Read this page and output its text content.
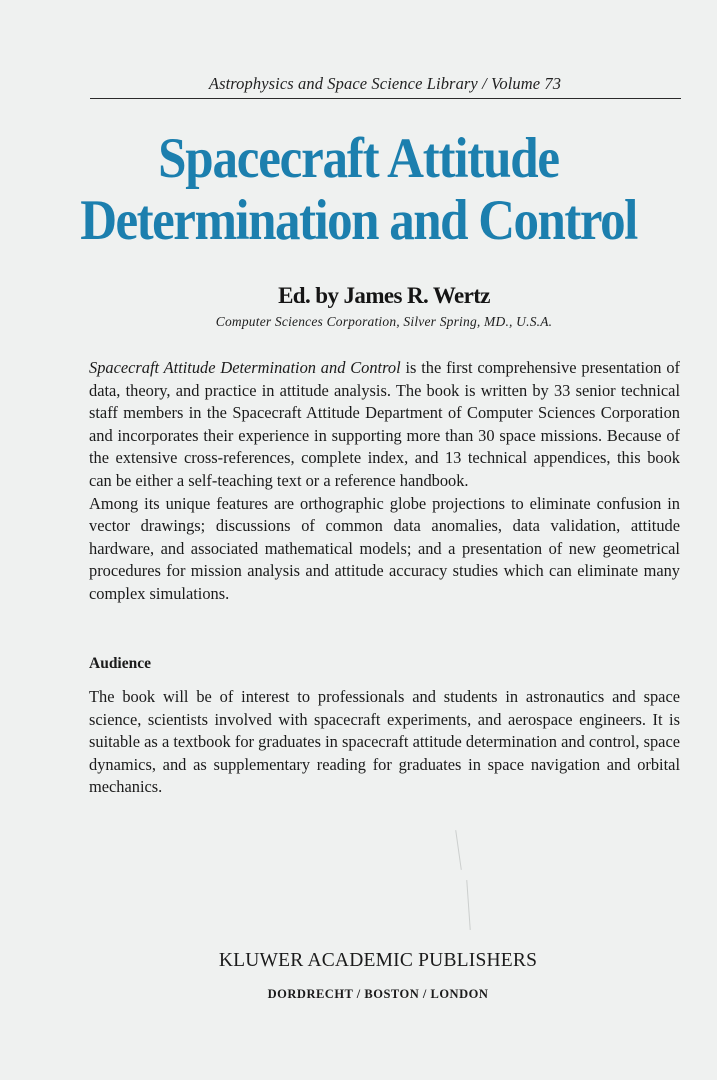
Astrophysics and Space Science Library / Volume 73
Spacecraft Attitude
Determination and Control
Ed. by James R. Wertz
Computer Sciences Corporation, Silver Spring, MD., U.S.A.

Spacecraft Attitude Determination and Control is the first comprehensive presentation of data, theory, and practice in attitude analysis. The book is written by 33 senior technical staff members in the Spacecraft Attitude Department of Computer Sciences Corporation and incorporates their experience in supporting more than 30 space missions. Because of the extensive cross-references, complete index, and 13 technical appendices, this book can be either a self-teaching text or a reference handbook.

Among its unique features are orthographic globe projections to eliminate confusion in vector drawings; discussions of common data anomalies, data validation, attitude hardware, and associated mathematical models; and a presentation of new geometrical procedures for mission analysis and attitude accuracy studies which can eliminate many complex simulations.

Audience

The book will be of interest to professionals and students in astronautics and space science, scientists involved with spacecraft experiments, and aerospace engineers. It is suitable as a textbook for graduates in spacecraft attitude determination and control, space dynamics, and as supplementary reading for graduates in space navigation and orbital mechanics.

KLUWER ACADEMIC PUBLISHERS
DORDRECHT / BOSTON / LONDON
